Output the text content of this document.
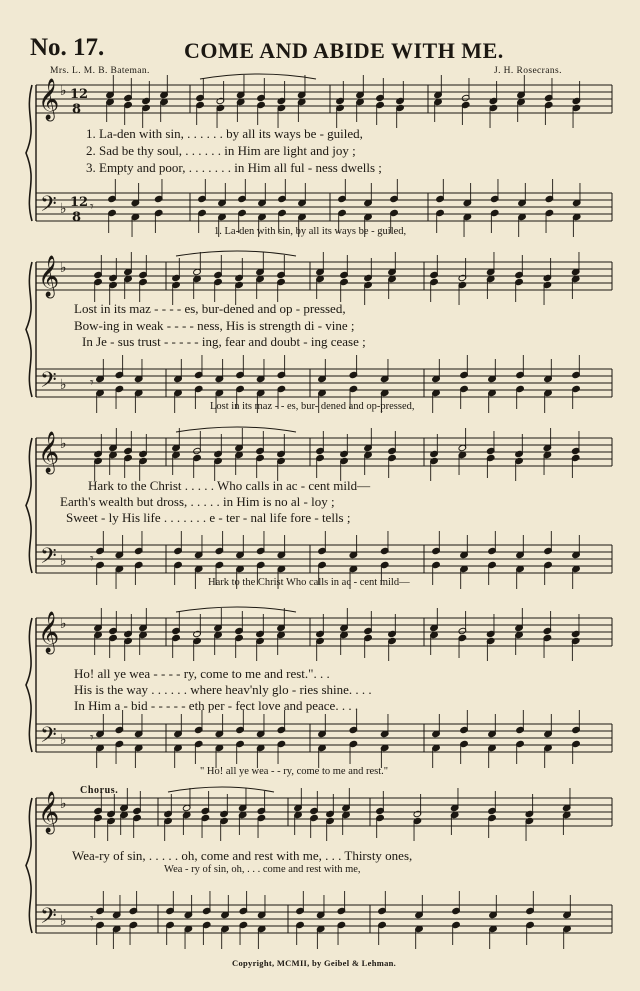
No. 17.	COME AND ABIDE WITH ME.
Mrs. L. M. B. Bateman.	J. H. Rosecrans.
𝄞
𝄢
♭
♭
12
8
12
8
𝄾
𝄞
𝄢
♭
♭ 𝄾
𝄞
𝄢
♭
♭ 𝄾
𝄞
𝄢
♭
♭ 𝄾
𝄞
𝄢
♭
♭ 𝄾
1. La-den with sin, . . . . . . by all its ways be - guiled,
2. Sad be thy soul, . . . . . . in Him are light and joy ;
3. Empty and poor, . . . . . . . in Him all ful - ness dwells ;
1. La-den with sin, by all its ways be - guiled,
Lost in its maz - - - - es, bur-dened and op - pressed,
Bow-ing in weak - - - - ness, His is strength di - vine ;
In Je - sus trust - - - - - ing, fear and doubt - ing cease ;
Lost in its maz - - es, bur- dened and op-pressed,
Hark to the Christ . . . . . Who calls in ac - cent mild—
Earth's wealth but dross, . . . . . in Him is no al - loy ;
Sweet - ly His life . . . . . . . e - ter - nal life fore - tells ;
Hark to the Christ Who calls in ac - cent mild—
Ho! all ye wea - - - - ry, come to me and rest.". . .
His is the way . . . . . . where heav'nly glo - ries shine. . . .
In Him a - bid - - - - - eth per - fect love and peace. . . .
" Ho! all ye wea - - ry, come to me and rest."
Chorus.
Wea-ry of sin, . . . . . oh, come and rest with me, . . . Thirsty ones,
Wea - ry of sin, oh, . . . come and rest with me,
Copyright, MCMII, by Geibel & Lehman.
